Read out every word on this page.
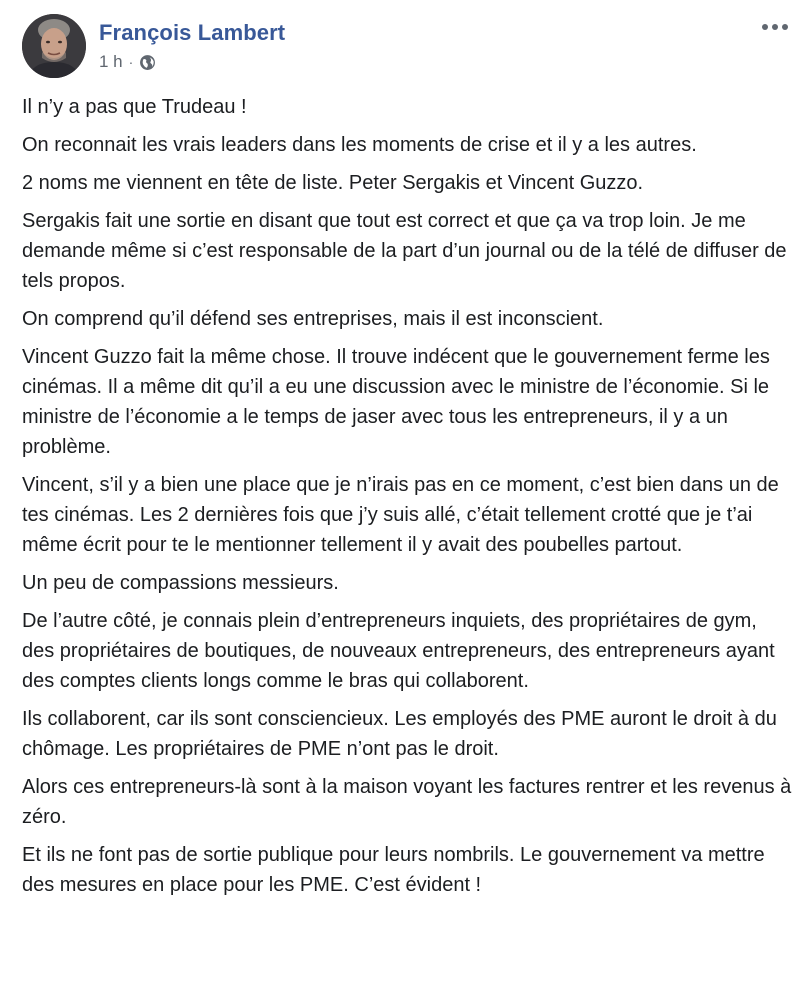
François Lambert
1 h ·

Il n’y a pas que Trudeau !

On reconnait les vrais leaders dans les moments de crise et il y a les autres.

2 noms me viennent en tête de liste. Peter Sergakis et Vincent Guzzo.

Sergakis fait une sortie en disant que tout est correct et que ça va trop loin. Je me demande même si c’est responsable de la part d’un journal ou de la télé de diffuser de tels propos.

On comprend qu’il défend ses entreprises, mais il est inconscient.

Vincent Guzzo fait la même chose. Il trouve indécent que le gouvernement ferme les cinémas. Il a même dit qu’il a eu une discussion avec le ministre de l’économie. Si le ministre de l’économie a le temps de jaser avec tous les entrepreneurs, il y a un problème.

Vincent, s’il y a bien une place que je n’irais pas en ce moment, c’est bien dans un de tes cinémas. Les 2 dernières fois que j’y suis allé, c’était tellement crotté que je t’ai même écrit pour te le mentionner tellement il y avait des poubelles partout.

Un peu de compassions messieurs.

De l’autre côté, je connais plein d’entrepreneurs inquiets, des propriétaires de gym, des propriétaires de boutiques, de nouveaux entrepreneurs, des entrepreneurs ayant des comptes clients longs comme le bras qui collaborent.

Ils collaborent, car ils sont consciencieux. Les employés des PME auront le droit à du chômage. Les propriétaires de PME n’ont pas le droit.

Alors ces entrepreneurs-là sont à la maison voyant les factures rentrer et les revenus à zéro.

Et ils ne font pas de sortie publique pour leurs nombrils. Le gouvernement va mettre des mesures en place pour les PME. C’est évident !
